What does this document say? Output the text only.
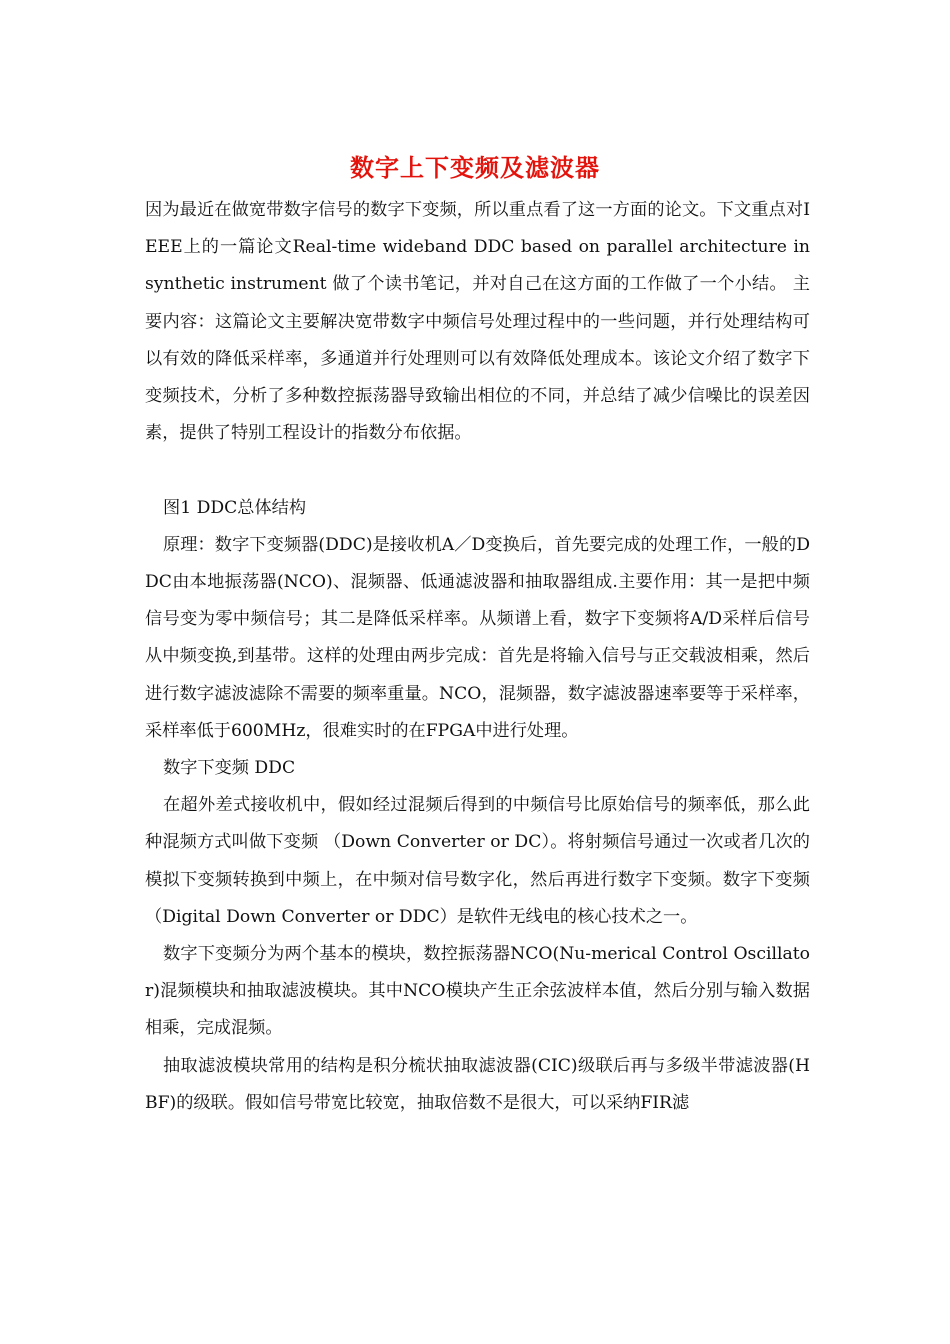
数字上下变频及滤波器

因为最近在做宽带数字信号的数字下变频，所以重点看了这一方面的论文。下文重点对IEEE上的一篇论文Real-time wideband DDC based on parallel architecture in synthetic instrument 做了个读书笔记，并对自己在这方面的工作做了一个小结。 主要内容：这篇论文主要解决宽带数字中频信号处理过程中的一些问题，并行处理结构可以有效的降低采样率，多通道并行处理则可以有效降低处理成本。该论文介绍了数字下变频技术，分析了多种数控振荡器导致输出相位的不同，并总结了减少信噪比的误差因素，提供了特别工程设计的指数分布依据。

图1 DDC总体结构

原理：数字下变频器(DDC)是接收机A／D变换后，首先要完成的处理工作，一般的DDC由本地振荡器(NCO)、混频器、低通滤波器和抽取器组成.主要作用：其一是把中频信号变为零中频信号；其二是降低采样率。从频谱上看，数字下变频将A/D采样后信号从中频变换,到基带。这样的处理由两步完成：首先是将输入信号与正交载波相乘，然后进行数字滤波滤除不需要的频率重量。NCO，混频器，数字滤波器速率要等于采样率，采样率低于600MHz，很难实时的在FPGA中进行处理。

数字下变频 DDC

在超外差式接收机中，假如经过混频后得到的中频信号比原始信号的频率低，那么此种混频方式叫做下变频 （Down Converter or DC）。将射频信号通过一次或者几次的模拟下变频转换到中频上，在中频对信号数字化，然后再进行数字下变频。数字下变频（Digital Down Converter or DDC）是软件无线电的核心技术之一。

数字下变频分为两个基本的模块，数控振荡器NCO(Nu-merical Control Oscillator)混频模块和抽取滤波模块。其中NCO模块产生正余弦波样本值，然后分别与输入数据相乘，完成混频。

抽取滤波模块常用的结构是积分梳状抽取滤波器(CIC)级联后再与多级半带滤波器(HBF)的级联。假如信号带宽比较宽，抽取倍数不是很大，可以采纳FIR滤
